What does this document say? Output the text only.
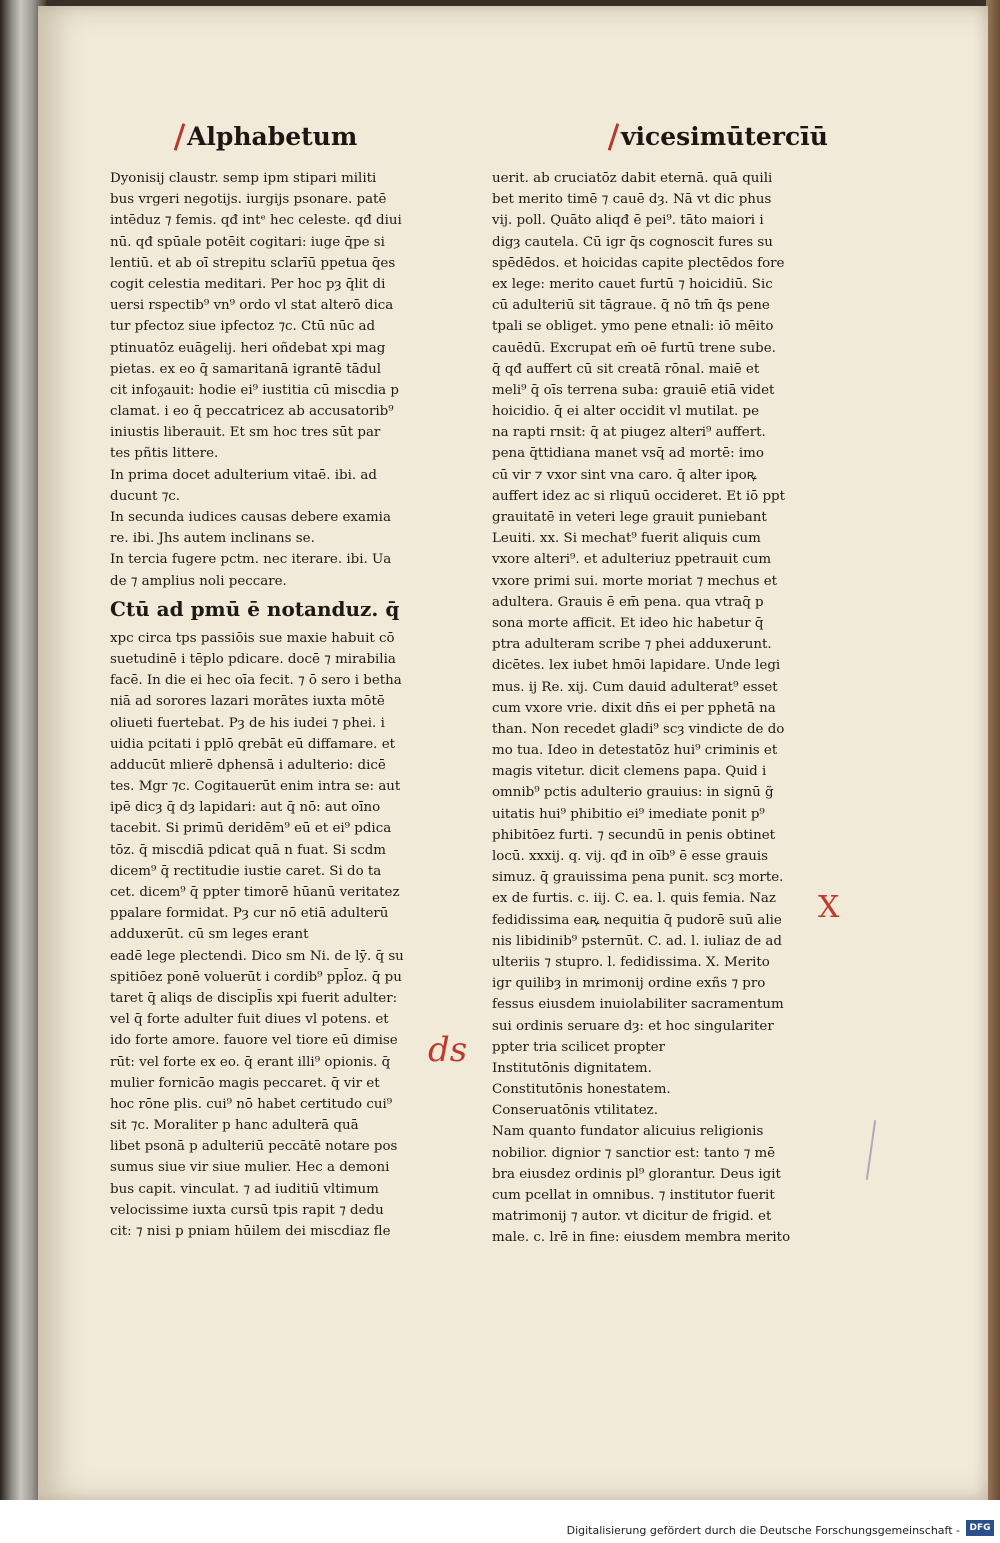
Alphabetum	vicesimūtercīū
Dyonisij claustr. semp ipm stipari militi
bus vrgeri negotijs. iurgijs psonare. patē
intēduz ⁊ femis. qđ intᵉ hec celeste. qđ diui
nū. qđ spūale potēit cogitari: iuge q̄pe si
lentiū. et ab oī strepitu sclarīū ppetua q̄es
cogit celestia meditari. Per hoc pȝ q̄lit di
uersi rspectib⁹ vn⁹ ordo vl stat alterō dica
tur pfectoz siue ipfectoz ⁊c. Ctū nūc ad
ptinuatōz euāgelij. heri oñdebat xpi mag
pietas. ex eo q̄ samaritanā igrantē tādul
cit infoᵹauit: hodie ei⁹ iustitia cū miscdia p
clamat. i eo q̄ peccatricez ab accusatorib⁹
iniustis liberauit. Et sm hoc tres sūt par
tes pñtis littere.
In prima docet adulterium vitaē. ibi. ad
ducunt ⁊c.
In secunda iudices causas debere examia
re. ibi. Jhs autem inclinans se.
In tercia fugere pctm. nec iterare. ibi. Ua
de ⁊ amplius noli peccare.
Ctū ad pmū ē notanduz. q̄
xpc circa tps passiōis sue maxie habuit cō
suetudinē i tēplo pdicare. docē ⁊ mirabilia
facē. In die ei hec oīa fecit. ⁊ ō sero i betha
niā ad sorores lazari morātes iuxta mōtē
oliueti fuertebat. Pȝ de his iudei ⁊ phei. i
uidia pcitati i pplō qrebāt eū diffamare. et
adducūt mlierē dphensā i adulterio: dicē
tes. Mgr ⁊c. Cogitauerūt enim intra se: aut
ipē dicȝ q̄ dȝ lapidari: aut q̄ nō: aut oīno
tacebit. Si primū deridēm⁹ eū et ei⁹ pdica
tōz. q̄ miscdiā pdicat quā n fuat. Si scdm
dicem⁹ q̄ rectitudie iustie caret. Si do ta
cet. dicem⁹ q̄ ppter timorē hūanū veritatez
ppalare formidat. Pȝ cur nō etiā adulterū
adduxerūt. cū sm leges erant
eadē lege plectendi. Dico sm Ni. de lȳ. q̄ su
spitiōez ponē voluerūt i cordib⁹ ppl̄oz. q̄ pu
taret q̄ aliqs de discipl̄is xpi fuerit adulter:
vel q̄ forte adulter fuit diues vl potens. et
ido forte amore. fauore vel tiore eū dimise
rūt: vel forte ex eo. q̄ erant illi⁹ opionis. q̄
mulier fornicāo magis peccaret. q̄ vir et
hoc rōne plis. cui⁹ nō habet certitudo cui⁹
sit ⁊c. Moraliter p hanc adulterā quā
libet psonā p adulteriū peccātē notare pos
sumus siue vir siue mulier. Hec a demoni
bus capit. vinculat. ⁊ ad iuditiū vltimum
velocissime iuxta cursū tpis rapit ⁊ dedu
cit: ⁊ nisi p pniam hūilem dei miscdiaz fle
uerit. ab cruciatōz dabit eternā. quā quili
bet merito timē ⁊ cauē dȝ. Nā vt dic phus
vij. poll. Quāto aliqđ ē pei⁹. tāto maiori i
digȝ cautela. Cū igr q̄s cognoscit fures su
spēdēdos. et hoicidas capite plectēdos fore
ex lege: merito cauet furtū ⁊ hoicidiū. Sic
cū adulteriū sit tāgraue. q̄ nō tm̄ q̄s pene
tpali se obliget. ymo pene etnali: iō mēito
cauēdū. Excrupat em̄ oē furtū trene sube.
q̄ qđ auffert cū sit creatā rōnal. maiē et
meli⁹ q̄ oīs terrena suba: grauiē etiā videt
hoicidio. q̄ ei alter occidit vl mutilat. pe
na rapti rnsit: q̄ at piugez alteri⁹ auffert.
pena q̄ttidiana manet vsq̄ ad mortē: imo
cū vir ⁊ vxor sint vna caro. q̄ alter ipoꝶ
auffert idez ac si rliquū occideret. Et iō ppt
grauitatē in veteri lege grauit puniebant
Leuiti. xx. Si mechat⁹ fuerit aliquis cum
vxore alteri⁹. et adulteriuz ppetrauit cum
vxore primi sui. morte moriat ⁊ mechus et
adultera. Grauis ē em̄ pena. qua vtraq̄ p
sona morte afficit. Et ideo hic habetur q̄
ptra adulteram scribe ⁊ phei adduxerunt.
dicētes. lex iubet hmōi lapidare. Unde legi
mus. ij Re. xij. Cum dauid adulterat⁹ esset
cum vxore vrie. dixit dn̄s ei per pphetā na
than. Non recedet gladi⁹ scȝ vindicte de do
mo tua. Ideo in detestatōz hui⁹ criminis et
magis vitetur. dicit clemens papa. Quid i
omnib⁹ pctis adulterio grauius: in signū g̃
uitatis hui⁹ phibitio ei⁹ imediate ponit p⁹
phibitōez furti. ⁊ secundū in penis obtinet
locū. xxxij. q. vij. qđ in oīb⁹ ē esse grauis
simuz. q̄ grauissima pena punit. scȝ morte.
ex de furtis. c. iij. C. ea. l. quis femia. Naz
fedidissima eaꝶ nequitia q̄ pudorē suū alie
nis libidinib⁹ psternūt. C. ad. l. iuliaz de ad
ulteriis ⁊ stupro. l. fedidissima. X. Merito
igr quilibȝ in mrimonij ordine exñs ⁊ pro
fessus eiusdem inuiolabiliter sacramentum
sui ordinis seruare dȝ: et hoc singulariter
ppter tria scilicet propter
Institutōnis dignitatem.
Constitutōnis honestatem.
Conseruatōnis vtilitatez.
Nam quanto fundator alicuius religionis
nobilior. dignior ⁊ sanctior est: tanto ⁊ mē
bra eiusdez ordinis pl⁹ glorantur. Deus igit
cum pcellat in omnibus. ⁊ institutor fuerit
matrimonij ⁊ autor. vt dicitur de frigid. et
male. c. lrē in fine: eiusdem membra merito
X
ds
Digitalisierung gefördert durch die Deutsche Forschungsgemeinschaft -	DFG
